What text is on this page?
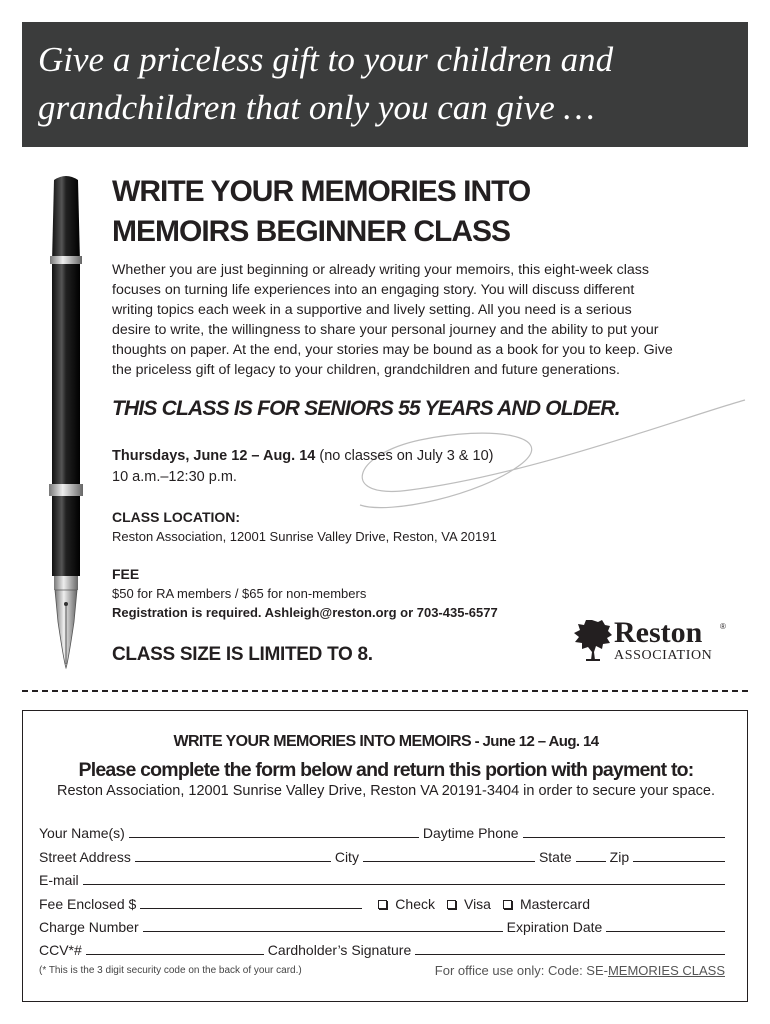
Give a priceless gift to your children and
grandchildren that only you can give …
WRITE YOUR MEMORIES INTO
MEMOIRS BEGINNER CLASS
Whether you are just beginning or already writing your memoirs, this eight-week class
focuses on turning life experiences into an engaging story. You will discuss different
writing topics each week in a supportive and lively setting. All you need is a serious
desire to write, the willingness to share your personal journey and the ability to put your
thoughts on paper. At the end, your stories may be bound as a book for you to keep. Give
the priceless gift of legacy to your children, grandchildren and future generations.
THIS CLASS IS FOR SENIORS 55 YEARS AND OLDER.
Thursdays, June 12 – Aug. 14 (no classes on July 3 & 10)
10 a.m.–12:30 p.m.
CLASS LOCATION:
Reston Association, 12001 Sunrise Valley Drive, Reston, VA 20191
FEE
$50 for RA members / $65 for non-members
Registration is required. Ashleigh@reston.org or 703-435-6577
CLASS SIZE IS LIMITED TO 8.
Reston ®
ASSOCIATION
WRITE YOUR MEMORIES INTO MEMOIRS - June 12 – Aug. 14
Please complete the form below and return this portion with payment to:
Reston Association, 12001 Sunrise Valley Drive, Reston VA 20191-3404 in order to secure your space.
Your Name(s)	Daytime Phone
Street Address	City	State	Zip
E-mail
Fee Enclosed $	Check Visa Mastercard
Charge Number	Expiration Date
CCV*#	Cardholder’s Signature
(* This is the 3 digit security code on the back of your card.)	For office use only: Code: SE-MEMORIES CLASS
